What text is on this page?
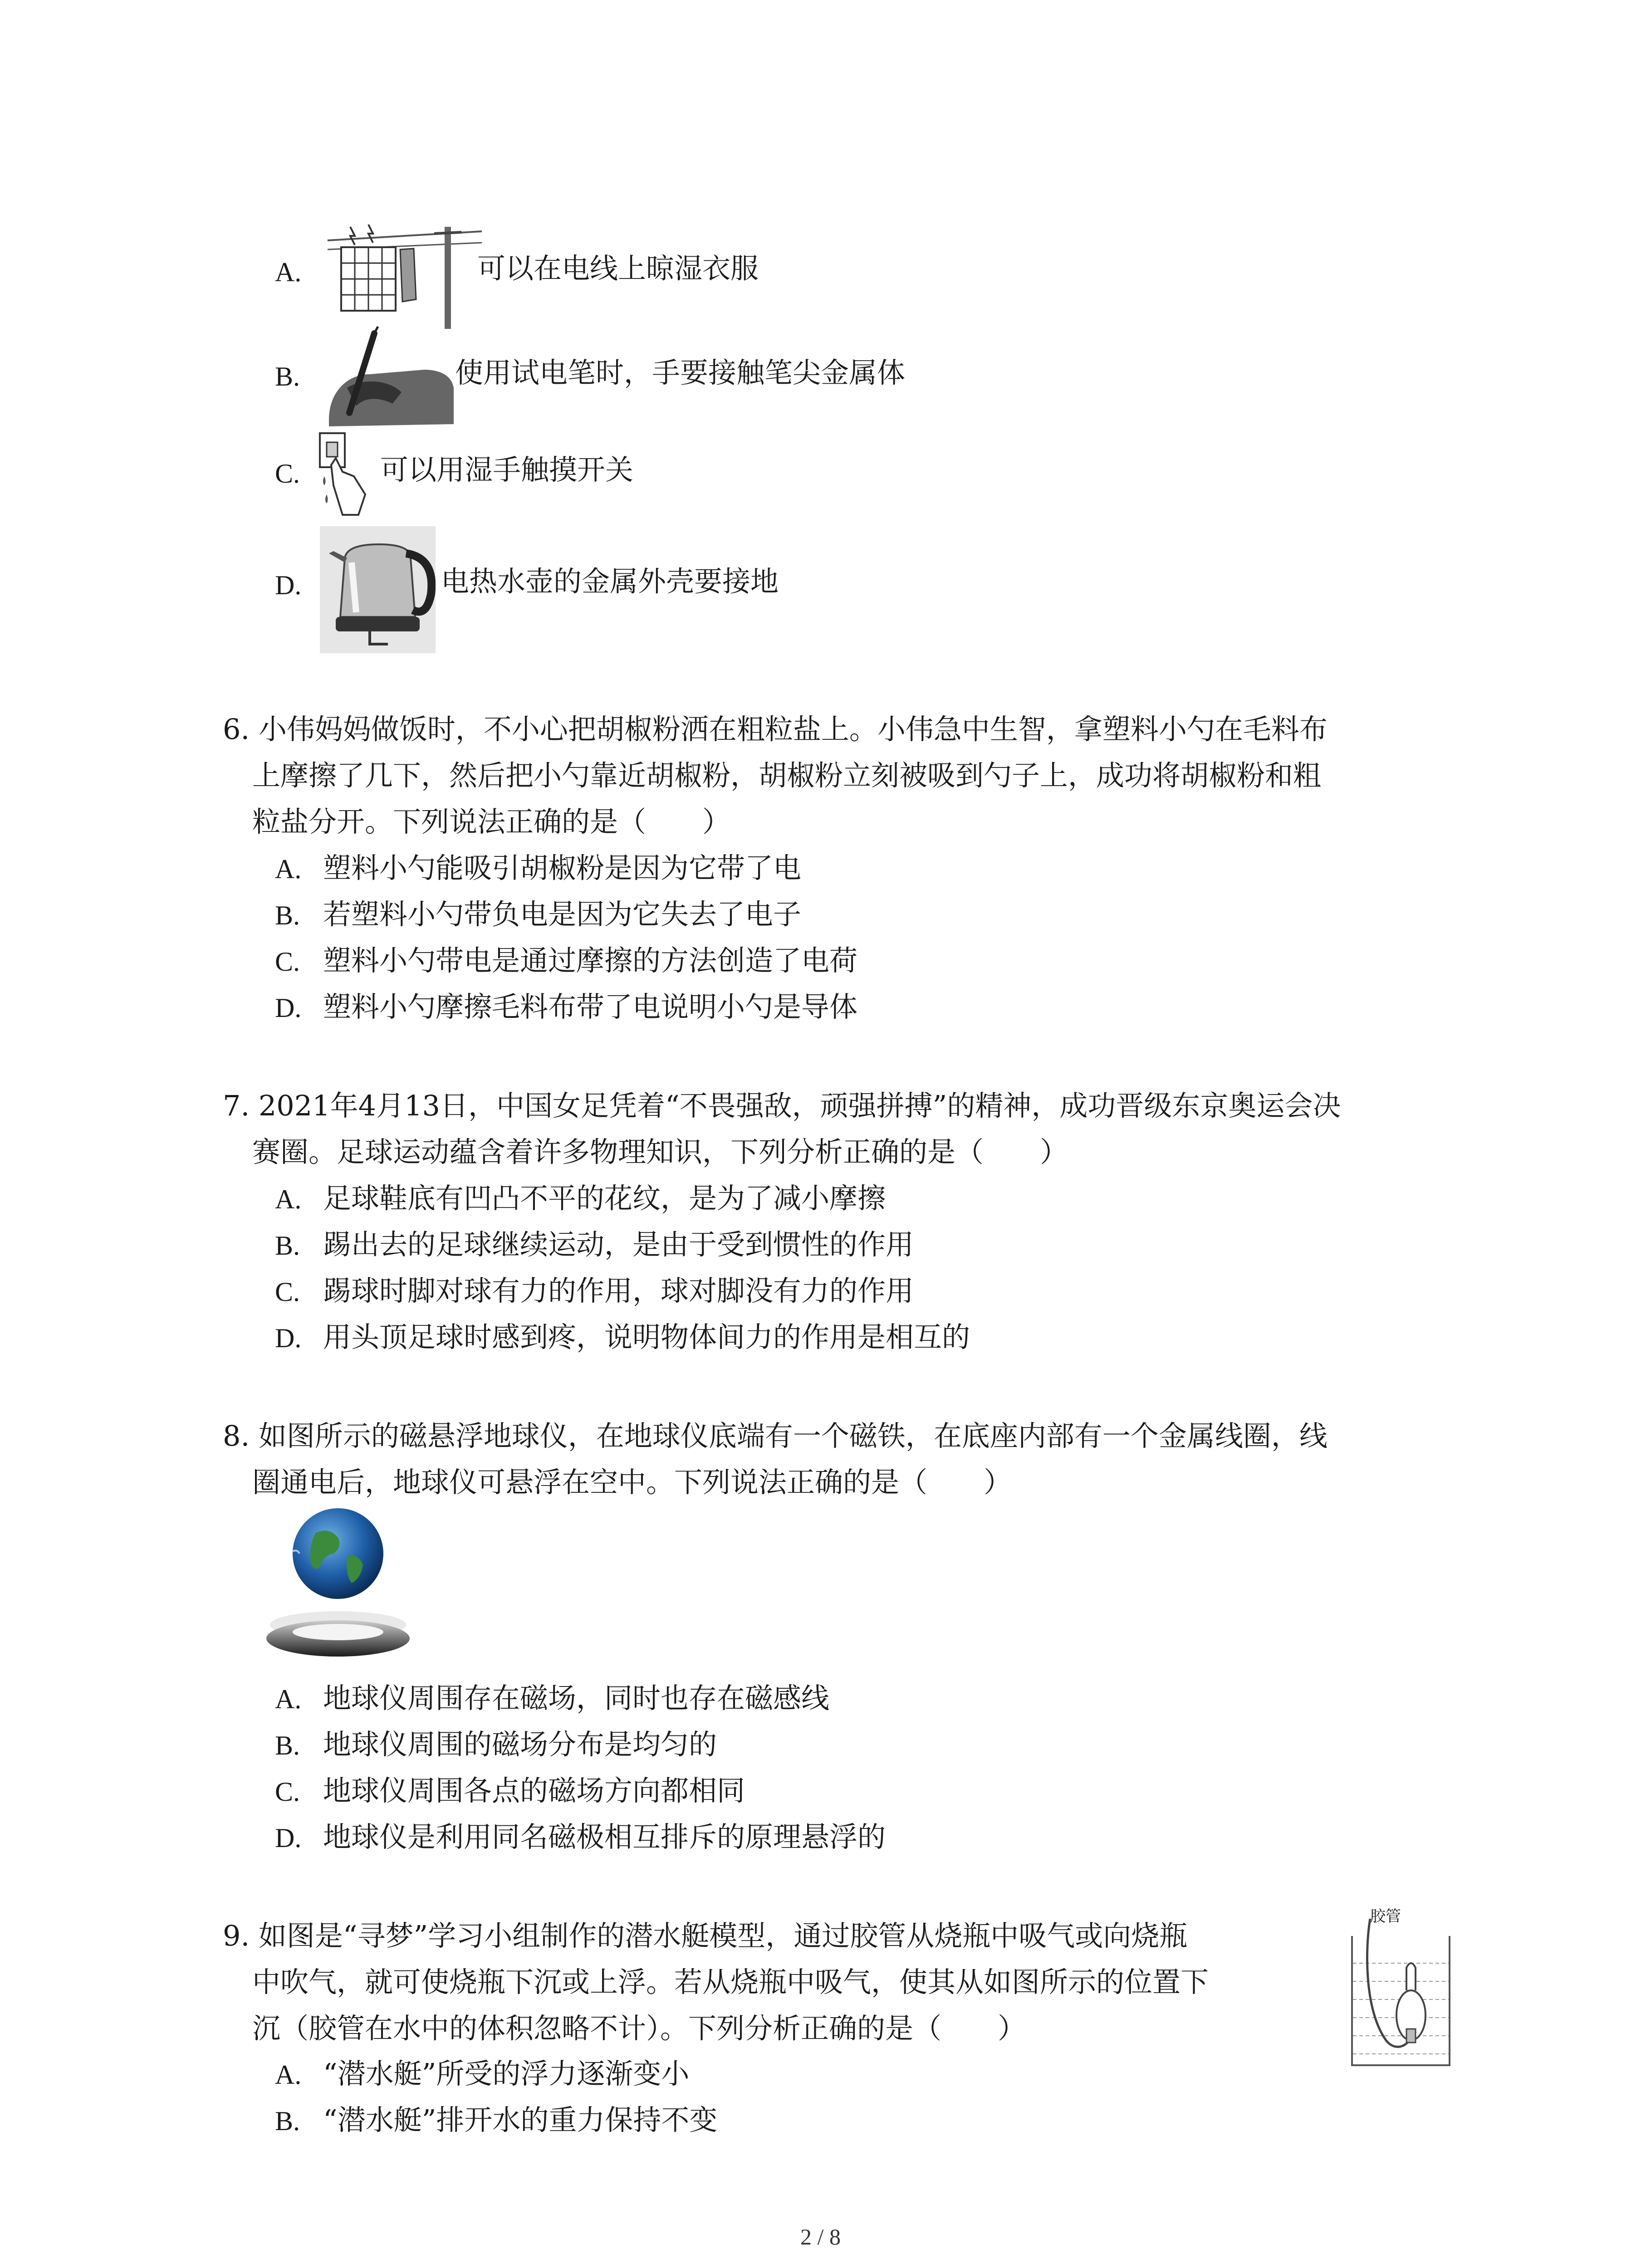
A.	可以在电线上晾湿衣服
B.	使用试电笔时，手要接触笔尖金属体
C.	可以用湿手触摸开关
D.	电热水壶的金属外壳要接地
6. 小伟妈妈做饭时，不小心把胡椒粉洒在粗粒盐上。小伟急中生智，拿塑料小勺在毛料布
上摩擦了几下，然后把小勺靠近胡椒粉，胡椒粉立刻被吸到勺子上，成功将胡椒粉和粗
粒盐分开。下列说法正确的是（　　）
A. 塑料小勺能吸引胡椒粉是因为它带了电
B. 若塑料小勺带负电是因为它失去了电子
C. 塑料小勺带电是通过摩擦的方法创造了电荷
D. 塑料小勺摩擦毛料布带了电说明小勺是导体
7. 2021年4月13日，中国女足凭着“不畏强敌，顽强拼搏”的精神，成功晋级东京奥运会决
赛圈。足球运动蕴含着许多物理知识，下列分析正确的是（　　）
A. 足球鞋底有凹凸不平的花纹，是为了减小摩擦
B. 踢出去的足球继续运动，是由于受到惯性的作用
C. 踢球时脚对球有力的作用，球对脚没有力的作用
D. 用头顶足球时感到疼，说明物体间力的作用是相互的
8. 如图所示的磁悬浮地球仪，在地球仪底端有一个磁铁，在底座内部有一个金属线圈，线
圈通电后，地球仪可悬浮在空中。下列说法正确的是（　　）
A. 地球仪周围存在磁场，同时也存在磁感线
B. 地球仪周围的磁场分布是均匀的
C. 地球仪周围各点的磁场方向都相同
D. 地球仪是利用同名磁极相互排斥的原理悬浮的
9. 如图是“寻梦”学习小组制作的潜水艇模型，通过胶管从烧瓶中吸气或向烧瓶
中吹气，就可使烧瓶下沉或上浮。若从烧瓶中吸气，使其从如图所示的位置下
沉（胶管在水中的体积忽略不计）。下列分析正确的是（　　）
胶管
A. “潜水艇”所受的浮力逐渐变小
B. “潜水艇”排开水的重力保持不变
2 / 8
